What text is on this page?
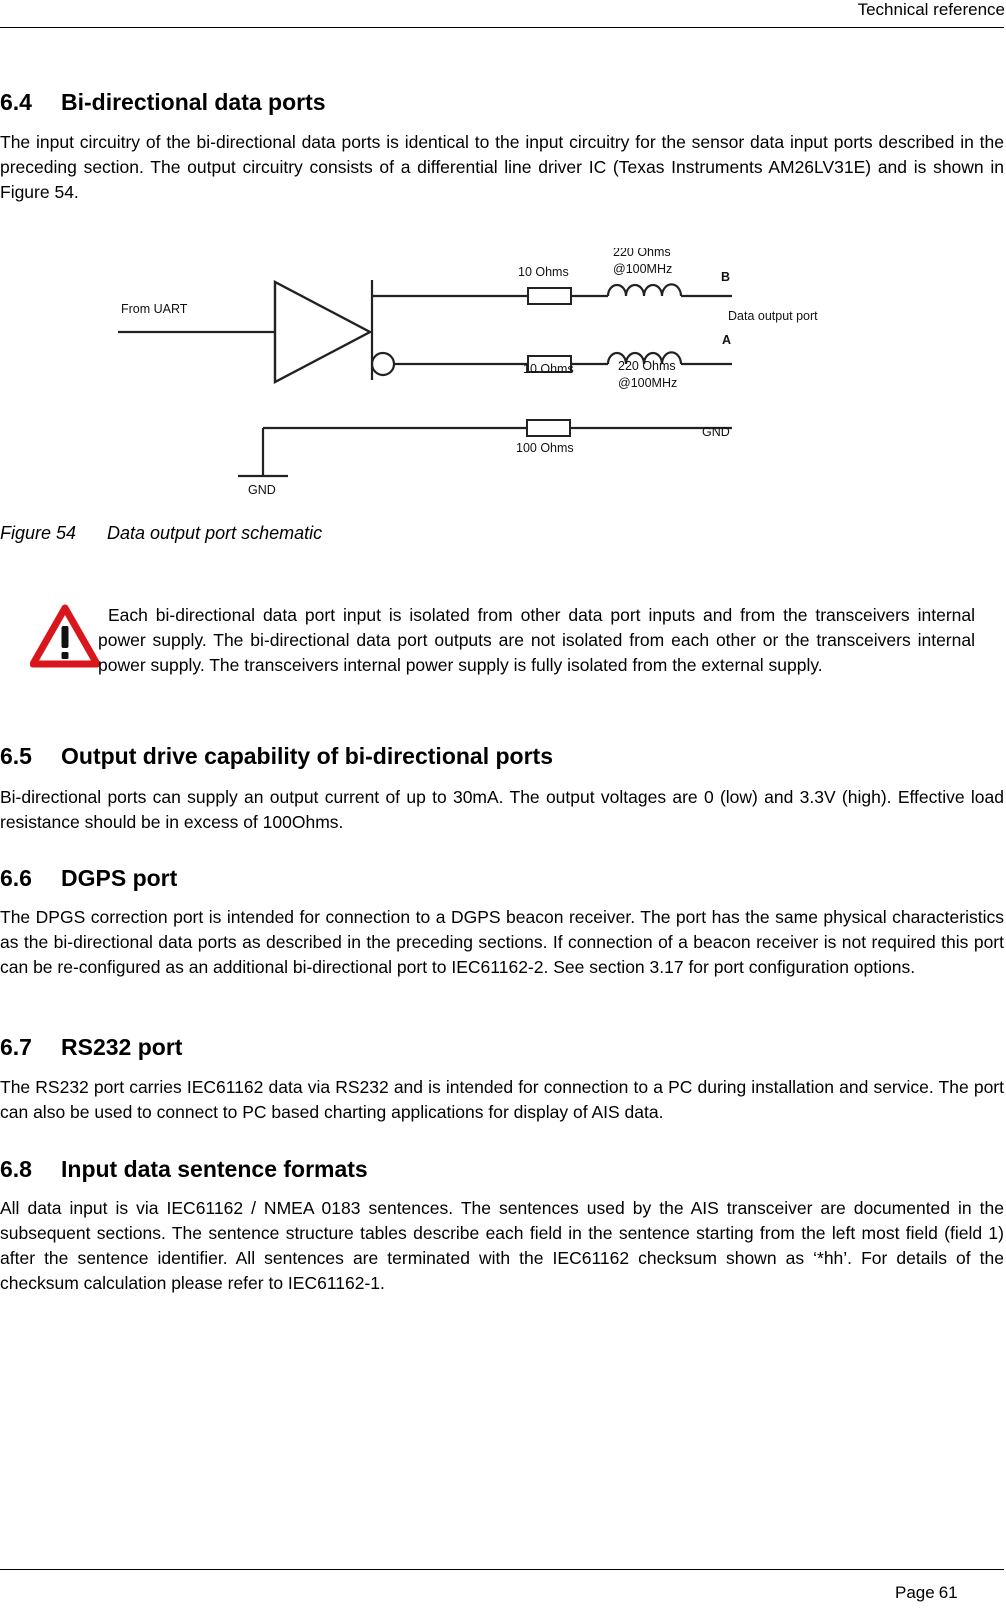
Technical reference
6.4 Bi-directional data ports

The input circuitry of the bi-directional data ports is identical to the input circuitry for the sensor data input ports described in the preceding section. The output circuitry consists of a differential line driver IC (Texas Instruments AM26LV31E) and is shown in Figure 54.

From UART
10 Ohms
220 Ohms
@100MHz
B
Data output port
A
10 Ohms	220 Ohms
@100MHz
100 Ohms
GND
GND
Figure 54 Data output port schematic

Each bi-directional data port input is isolated from other data port inputs and from the transceivers internal power supply. The bi-directional data port outputs are not isolated from each other or the transceivers internal power supply. The transceivers internal power supply is fully isolated from the external supply.

6.5 Output drive capability of bi-directional ports

Bi-directional ports can supply an output current of up to 30mA. The output voltages are 0 (low) and 3.3V (high). Effective load resistance should be in excess of 100Ohms.

6.6 DGPS port

The DPGS correction port is intended for connection to a DGPS beacon receiver. The port has the same physical characteristics as the bi-directional data ports as described in the preceding sections. If connection of a beacon receiver is not required this port can be re-configured as an additional bi-directional port to IEC61162-2. See section 3.17 for port configuration options.

6.7 RS232 port

The RS232 port carries IEC61162 data via RS232 and is intended for connection to a PC during installation and service. The port can also be used to connect to PC based charting applications for display of AIS data.

6.8 Input data sentence formats

All data input is via IEC61162 / NMEA 0183 sentences. The sentences used by the AIS transceiver are documented in the subsequent sections. The sentence structure tables describe each field in the sentence starting from the left most field (field 1) after the sentence identifier. All sentences are terminated with the IEC61162 checksum shown as ‘*hh’. For details of the checksum calculation please refer to IEC61162-1.

Page 61
